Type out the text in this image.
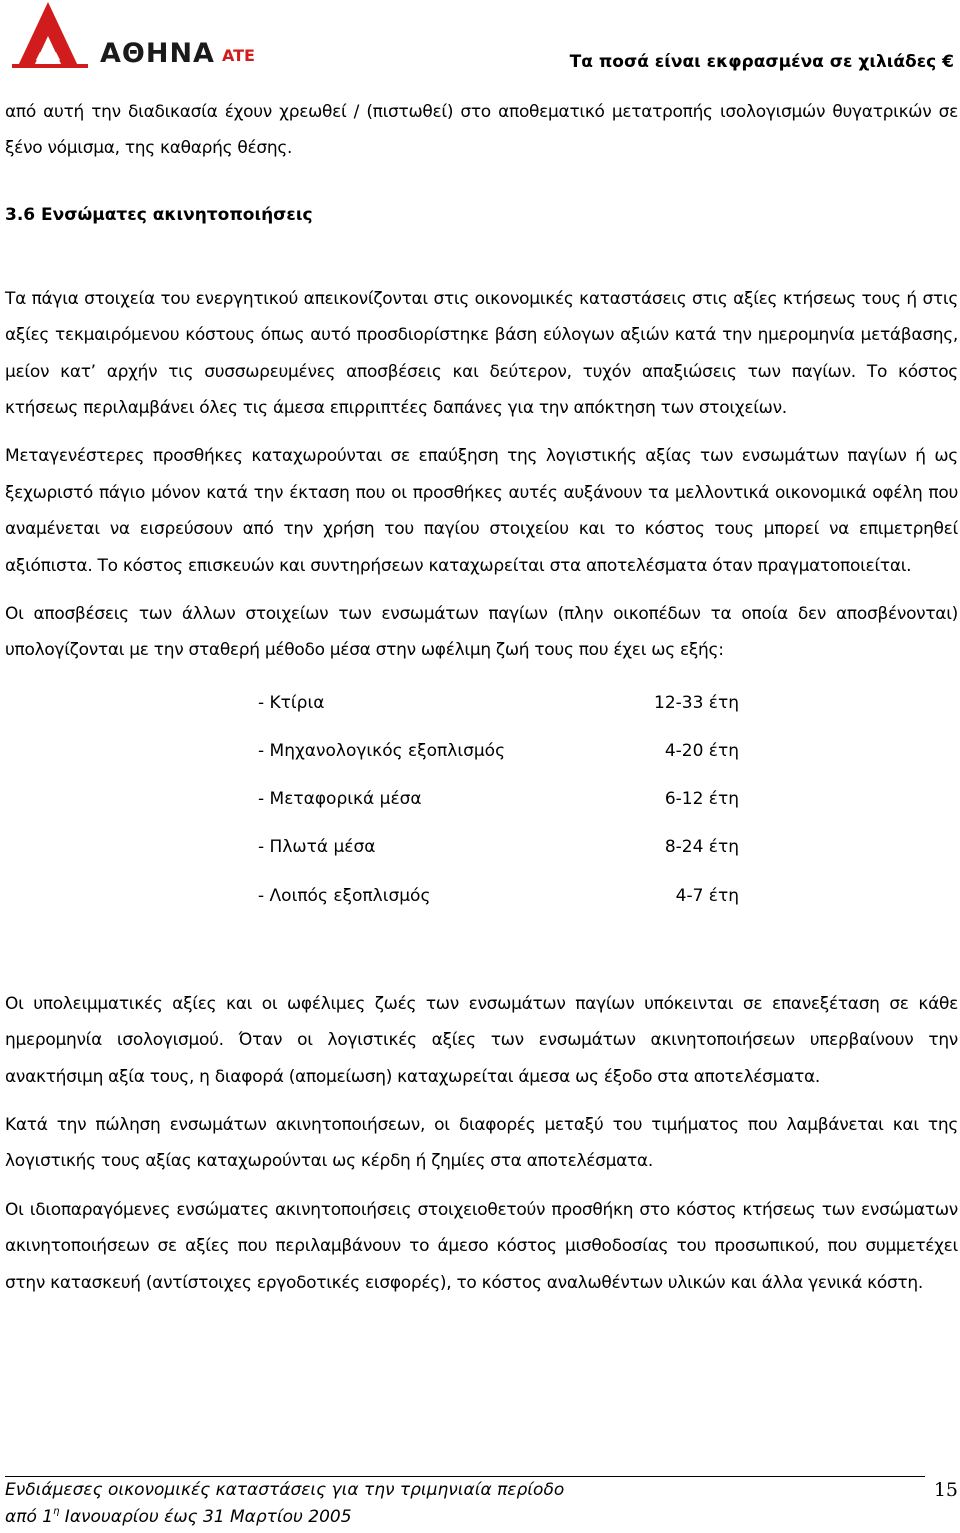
ΑΘΗΝΑ ATE	Τα ποσά είναι εκφρασμένα σε χιλιάδες €

από αυτή την διαδικασία έχουν χρεωθεί / (πιστωθεί) στο αποθεματικό μετατροπής ισολογισμών θυγατρικών σε ξένο νόμισμα, της καθαρής θέσης.

3.6 Ενσώματες ακινητοποιήσεις

Τα πάγια στοιχεία του ενεργητικού απεικονίζονται στις οικονομικές καταστάσεις στις αξίες κτήσεως τους ή στις αξίες τεκμαιρόμενου κόστους όπως αυτό προσδιορίστηκε βάση εύλογων αξιών κατά την ημερομηνία μετάβασης, μείον κατ’ αρχήν τις συσσωρευμένες αποσβέσεις και δεύτερον, τυχόν απαξιώσεις των παγίων. Το κόστος κτήσεως περιλαμβάνει όλες τις άμεσα επιρριπτέες δαπάνες για την απόκτηση των στοιχείων.

Μεταγενέστερες προσθήκες καταχωρούνται σε επαύξηση της λογιστικής αξίας των ενσωμάτων παγίων ή ως ξεχωριστό πάγιο μόνον κατά την έκταση που οι προσθήκες αυτές αυξάνουν τα μελλοντικά οικονομικά οφέλη που αναμένεται να εισρεύσουν από την χρήση του παγίου στοιχείου και το κόστος τους μπορεί να επιμετρηθεί αξιόπιστα. Το κόστος επισκευών και συντηρήσεων καταχωρείται στα αποτελέσματα όταν πραγματοποιείται.

Οι αποσβέσεις των άλλων στοιχείων των ενσωμάτων παγίων (πλην οικοπέδων τα οποία δεν αποσβένονται) υπολογίζονται με την σταθερή μέθοδο μέσα στην ωφέλιμη ζωή τους που έχει ως εξής:

- Κτίρια	12-33 έτη
- Μηχανολογικός εξοπλισμός	4-20 έτη
- Μεταφορικά μέσα	6-12 έτη
- Πλωτά μέσα	8-24 έτη
- Λοιπός εξοπλισμός	4-7 έτη

Οι υπολειμματικές αξίες και οι ωφέλιμες ζωές των ενσωμάτων παγίων υπόκεινται σε επανεξέταση σε κάθε ημερομηνία ισολογισμού. Όταν οι λογιστικές αξίες των ενσωμάτων ακινητοποιήσεων υπερβαίνουν την ανακτήσιμη αξία τους, η διαφορά (απομείωση) καταχωρείται άμεσα ως έξοδο στα αποτελέσματα.

Κατά την πώληση ενσωμάτων ακινητοποιήσεων, οι διαφορές μεταξύ του τιμήματος που λαμβάνεται και της λογιστικής τους αξίας καταχωρούνται ως κέρδη ή ζημίες στα αποτελέσματα.

Οι ιδιοπαραγόμενες ενσώματες ακινητοποιήσεις στοιχειοθετούν προσθήκη στο κόστος κτήσεως των ενσώματων ακινητοποιήσεων σε αξίες που περιλαμβάνουν το άμεσο κόστος μισθοδοσίας του προσωπικού, που συμμετέχει στην κατασκευή (αντίστοιχες εργοδοτικές εισφορές), το κόστος αναλωθέντων υλικών και άλλα γενικά κόστη.

Ενδιάμεσες οικονομικές καταστάσεις για την τριμηνιαία περίοδο
από $1^\eta$ Ιανουαρίου έως 31 Μαρτίου 2005
15
